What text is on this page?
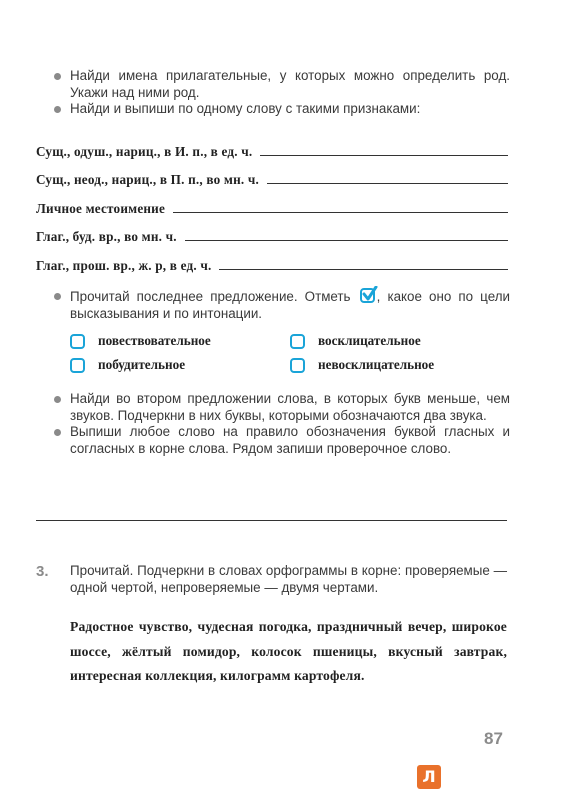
Найди имена прилагательные, у которых можно определить род. Укажи над ними род.
Найди и выпиши по одному слову с такими признаками:
Сущ., одуш., нариц., в И. п., в ед. ч.
Сущ., неод., нариц., в П. п., во мн. ч.
Личное местоимение
Глаг., буд. вр., во мн. ч.
Глаг., прош. вр., ж. р, в ед. ч.
Прочитай последнее предложение. Отметь , какое оно по цели высказывания и по интонации.
повествовательное	восклицательное
побудительное	невосклицательное
Найди во втором предложении слова, в которых букв меньше, чем звуков. Подчеркни в них буквы, которыми обозначаются два звука.
Выпиши любое слово на правило обозначения буквой гласных и согласных в корне слова. Рядом запиши проверочное слово.
3. Прочитай. Подчеркни в словах орфограммы в корне: проверяемые — одной чертой, непроверяемые — двумя чертами.
Радостное чувство, чудесная погодка, праздничный вечер, широкое шоссе, жёлтый помидор, колосок пшеницы, вкусный завтрак, интересная коллекция, килограмм картофеля.
87
Л
